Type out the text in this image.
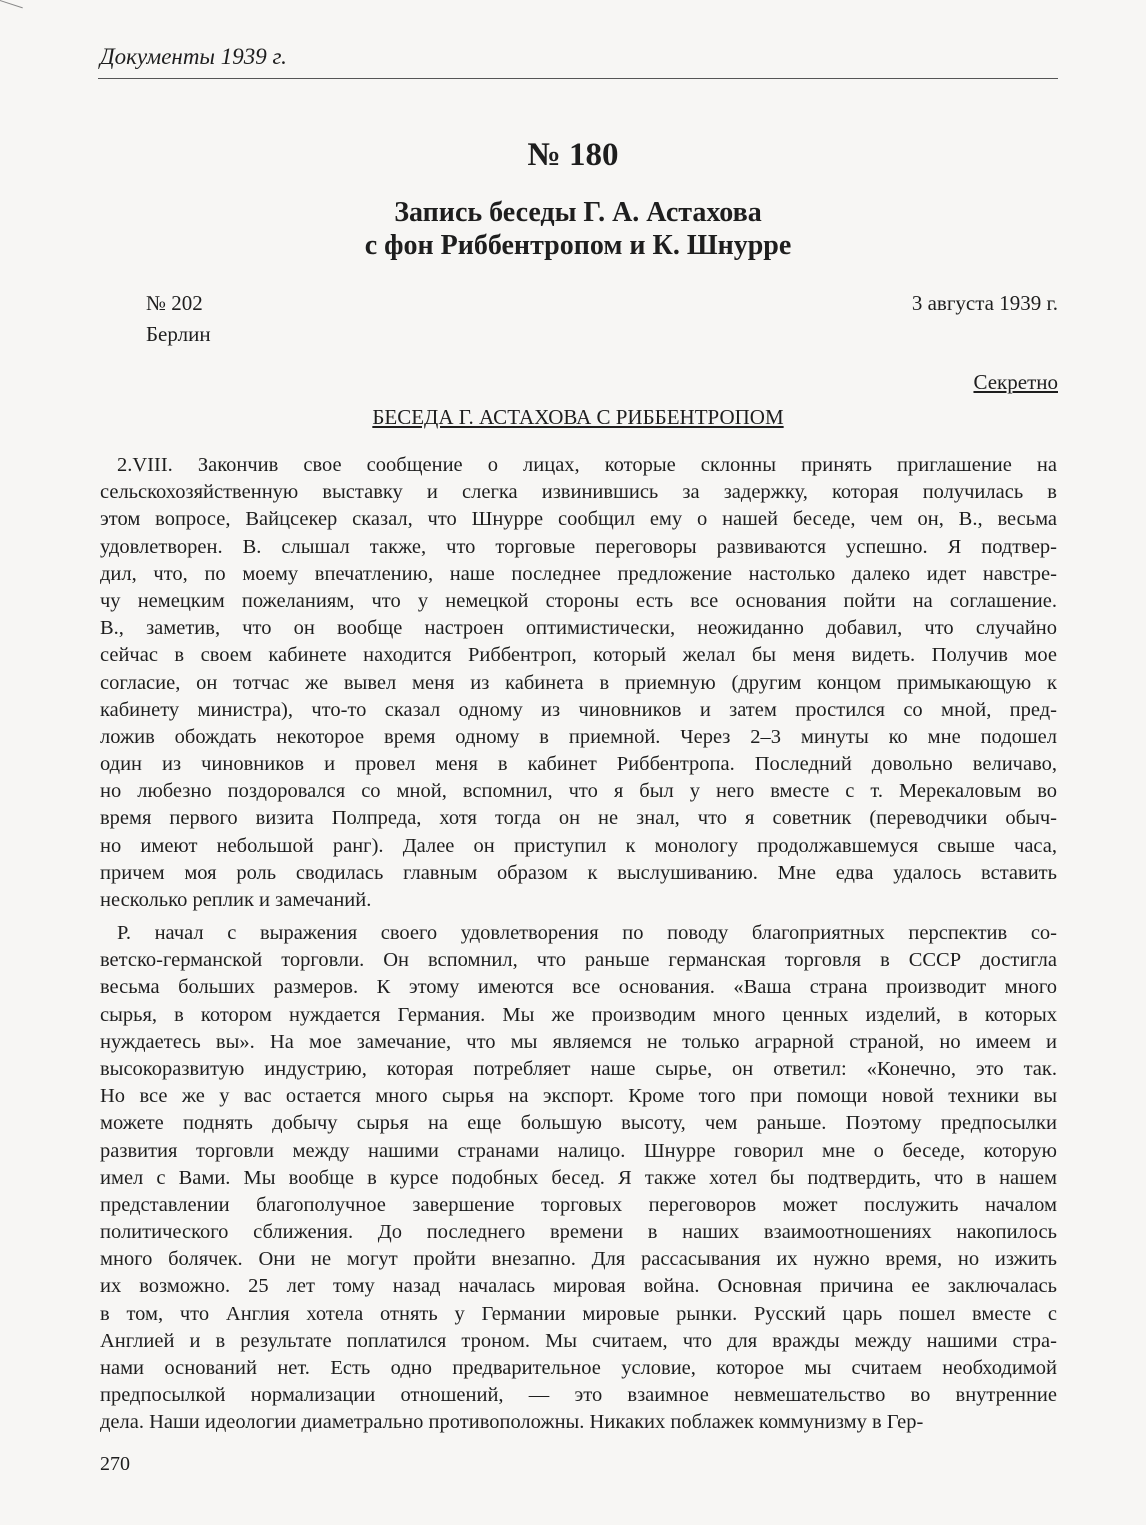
Документы 1939 г.
№ 180
Запись беседы Г. А. Астахова
с фон Риббентропом и К. Шнурре
№ 202
Берлин
3 августа 1939 г.
Секретно
БЕСЕДА Г. АСТАХОВА С РИББЕНТРОПОМ
2.VIII. Закончив свое сообщение о лицах, которые склонны принять приглашение на
сельскохозяйственную выставку и слегка извинившись за задержку, которая получилась в
этом вопросе, Вайцсекер сказал, что Шнурре сообщил ему о нашей беседе, чем он, В., весьма
удовлетворен. В. слышал также, что торговые переговоры развиваются успешно. Я подтвер-
дил, что, по моему впечатлению, наше последнее предложение настолько далеко идет навстре-
чу немецким пожеланиям, что у немецкой стороны есть все основания пойти на соглашение.
В., заметив, что он вообще настроен оптимистически, неожиданно добавил, что случайно
сейчас в своем кабинете находится Риббентроп, который желал бы меня видеть. Получив мое
согласие, он тотчас же вывел меня из кабинета в приемную (другим концом примыкающую к
кабинету министра), что-то сказал одному из чиновников и затем простился со мной, пред-
ложив обождать некоторое время одному в приемной. Через 2–3 минуты ко мне подошел
один из чиновников и провел меня в кабинет Риббентропа. Последний довольно величаво,
но любезно поздоровался со мной, вспомнил, что я был у него вместе с т. Мерекаловым во
время первого визита Полпреда, хотя тогда он не знал, что я советник (переводчики обыч-
но имеют небольшой ранг). Далее он приступил к монологу продолжавшемуся свыше часа,
причем моя роль сводилась главным образом к выслушиванию. Мне едва удалось вставить
несколько реплик и замечаний.
Р. начал с выражения своего удовлетворения по поводу благоприятных перспектив со-
ветско-германской торговли. Он вспомнил, что раньше германская торговля в СССР достигла
весьма больших размеров. К этому имеются все основания. «Ваша страна производит много
сырья, в котором нуждается Германия. Мы же производим много ценных изделий, в которых
нуждаетесь вы». На мое замечание, что мы являемся не только аграрной страной, но имеем и
высокоразвитую индустрию, которая потребляет наше сырье, он ответил: «Конечно, это так.
Но все же у вас остается много сырья на экспорт. Кроме того при помощи новой техники вы
можете поднять добычу сырья на еще большую высоту, чем раньше. Поэтому предпосылки
развития торговли между нашими странами налицо. Шнурре говорил мне о беседе, которую
имел с Вами. Мы вообще в курсе подобных бесед. Я также хотел бы подтвердить, что в нашем
представлении благополучное завершение торговых переговоров может послужить началом
политического сближения. До последнего времени в наших взаимоотношениях накопилось
много болячек. Они не могут пройти внезапно. Для рассасывания их нужно время, но изжить
их возможно. 25 лет тому назад началась мировая война. Основная причина ее заключалась
в том, что Англия хотела отнять у Германии мировые рынки. Русский царь пошел вместе с
Англией и в результате поплатился троном. Мы считаем, что для вражды между нашими стра-
нами оснований нет. Есть одно предварительное условие, которое мы считаем необходимой
предпосылкой нормализации отношений, — это взаимное невмешательство во внутренние
дела. Наши идеологии диаметрально противоположны. Никаких поблажек коммунизму в Гер-
270
